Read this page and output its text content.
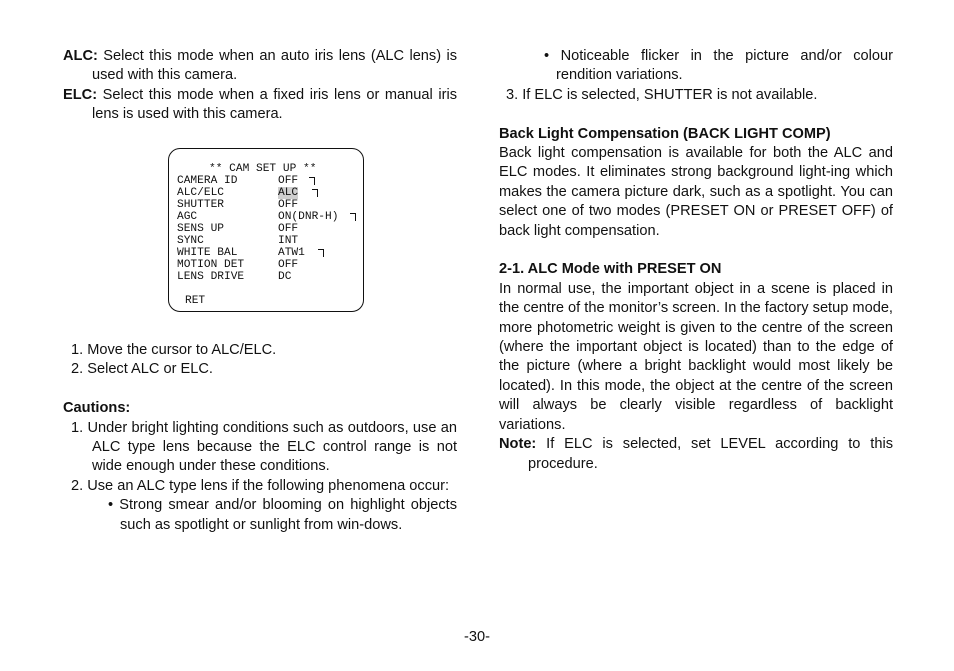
ALC: Select this mode when an auto iris lens (ALC lens) is used with this camera.

ELC: Select this mode when a fixed iris lens or manual iris lens is used with this camera.

** CAM SET UP **
CAMERA ID	OFF
ALC/ELC	ALC
SHUTTER	OFF
AGC	ON(DNR-H)
SENS UP	OFF
SYNC	INT
WHITE BAL	ATW1
MOTION DET	OFF
LENS DRIVE	DC
RET

1. Move the cursor to ALC/ELC.

2. Select ALC or ELC.

Cautions:

1. Under bright lighting conditions such as outdoors, use an ALC type lens because the ELC control range is not wide enough under these conditions.

2. Use an ALC type lens if the following phenomena occur:

• Strong smear and/or blooming on highlight objects such as spotlight or sunlight from win-dows.

• Noticeable flicker in the picture and/or colour rendition variations.

3. If ELC is selected, SHUTTER is not available.

Back Light Compensation (BACK LIGHT COMP)

Back light compensation is available for both the ALC and ELC modes. It eliminates strong background light-ing which makes the camera picture dark, such as a spotlight. You can select one of two modes (PRESET ON or PRESET OFF) of back light compensation.

2-1. ALC Mode with PRESET ON

In normal use, the important object in a scene is placed in the centre of the monitor’s screen. In the factory setup mode, more photometric weight is given to the centre of the screen (where the important object is located) than to the edge of the picture (where a bright backlight would most likely be located). In this mode, the object at the centre of the screen will always be clearly visible regardless of backlight variations.

Note: If ELC is selected, set LEVEL according to this procedure.

-30-
